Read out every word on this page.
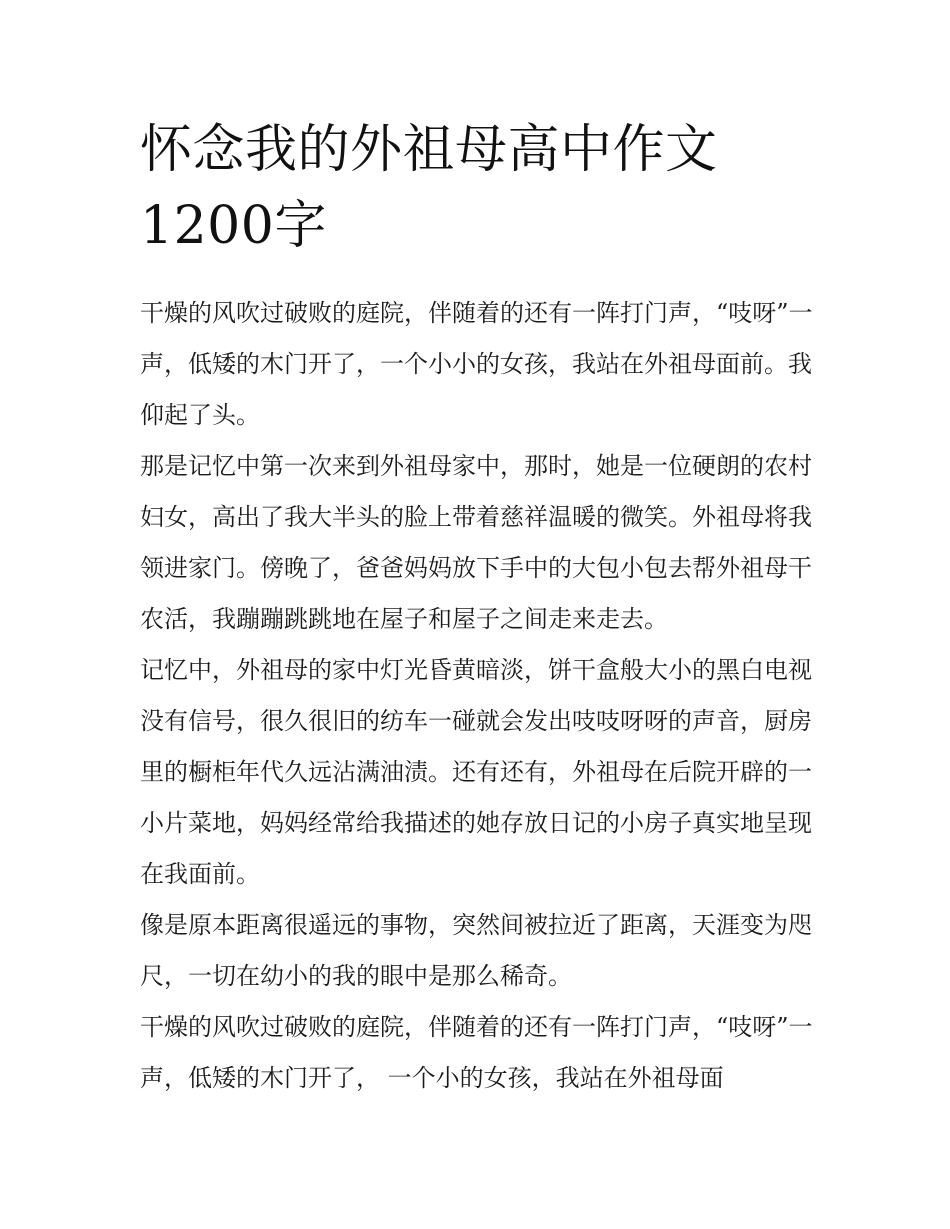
怀念我的外祖母高中作文1200字

干燥的风吹过破败的庭院，伴随着的还有一阵打门声，“吱呀”一声，低矮的木门开了，一个小小的女孩，我站在外祖母面前。我仰起了头。

那是记忆中第一次来到外祖母家中，那时，她是一位硬朗的农村妇女，高出了我大半头的脸上带着慈祥温暖的微笑。外祖母将我领进家门。傍晚了，爸爸妈妈放下手中的大包小包去帮外祖母干农活，我蹦蹦跳跳地在屋子和屋子之间走来走去。

记忆中，外祖母的家中灯光昏黄暗淡，饼干盒般大小的黑白电视没有信号，很久很旧的纺车一碰就会发出吱吱呀呀的声音，厨房里的橱柜年代久远沾满油渍。还有还有，外祖母在后院开辟的一小片菜地，妈妈经常给我描述的她存放日记的小房子真实地呈现在我面前。

像是原本距离很遥远的事物，突然间被拉近了距离，天涯变为咫尺，一切在幼小的我的眼中是那么稀奇。

干燥的风吹过破败的庭院，伴随着的还有一阵打门声，“吱呀”一声，低矮的木门开了， 一个小的女孩，我站在外祖母面
